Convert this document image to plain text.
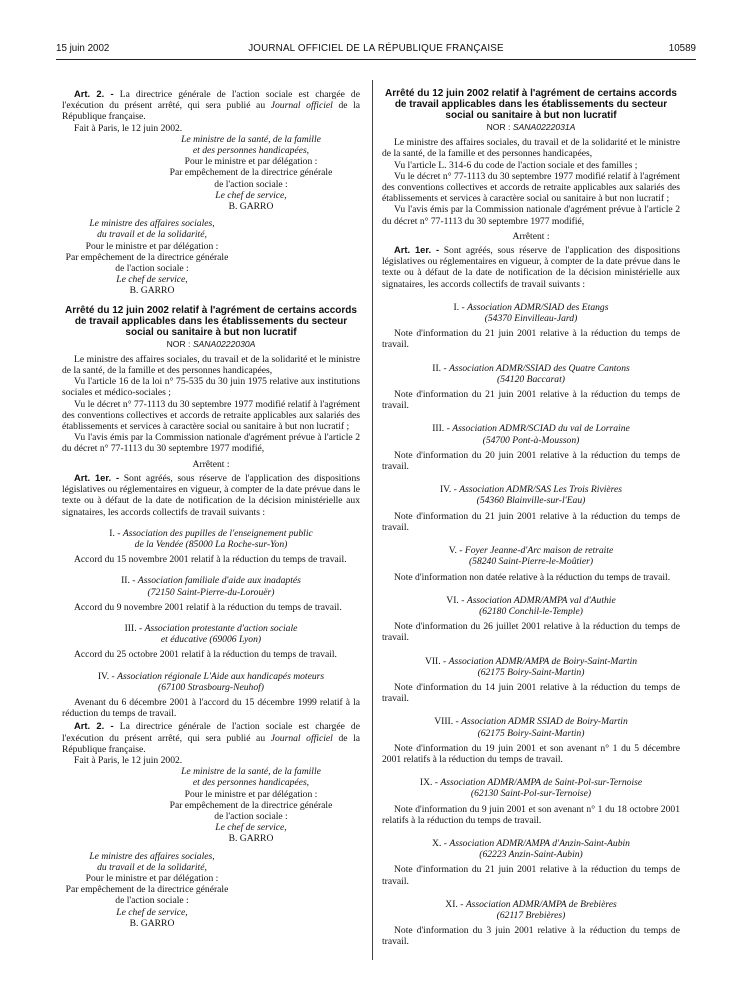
15 juin 2002	JOURNAL OFFICIEL DE LA RÉPUBLIQUE FRANÇAISE	10589

Art. 2. - La directrice générale de l'action sociale est chargée de l'exécution du présent arrêté, qui sera publié au Journal officiel de la République française.

Fait à Paris, le 12 juin 2002.

Le ministre de la santé, de la famille
et des personnes handicapées,
Pour le ministre et par délégation :
Par empêchement de la directrice générale
de l'action sociale :
Le chef de service,
B. GARRO
Le ministre des affaires sociales,
du travail et de la solidarité,
Pour le ministre et par délégation :
Par empêchement de la directrice générale
de l'action sociale :
Le chef de service,
B. GARRO

Arrêté du 12 juin 2002 relatif à l'agrément de certains accords de travail applicables dans les établissements du secteur social ou sanitaire à but non lucratif

NOR : SANA0222030A

Le ministre des affaires sociales, du travail et de la solidarité et le ministre de la santé, de la famille et des personnes handicapées,

Vu l'article 16 de la loi n° 75-535 du 30 juin 1975 relative aux institutions sociales et médico-sociales ;

Vu le décret n° 77-1113 du 30 septembre 1977 modifié relatif à l'agrément des conventions collectives et accords de retraite applicables aux salariés des établissements et services à caractère social ou sanitaire à but non lucratif ;

Vu l'avis émis par la Commission nationale d'agrément prévue à l'article 2 du décret n° 77-1113 du 30 septembre 1977 modifié,

Arrêtent :

Art. 1er. - Sont agréés, sous réserve de l'application des dispositions législatives ou réglementaires en vigueur, à compter de la date prévue dans le texte ou à défaut de la date de notification de la décision ministérielle aux signataires, les accords collectifs de travail suivants :

I. - Association des pupilles de l'enseignement public

de la Vendée (85000 La Roche-sur-Yon)

Accord du 15 novembre 2001 relatif à la réduction du temps de travail.

II. - Association familiale d'aide aux inadaptés

(72150 Saint-Pierre-du-Lorouër)

Accord du 9 novembre 2001 relatif à la réduction du temps de travail.

III. - Association protestante d'action sociale

et éducative (69006 Lyon)

Accord du 25 octobre 2001 relatif à la réduction du temps de travail.

IV. - Association régionale L'Aide aux handicapés moteurs

(67100 Strasbourg-Neuhof)

Avenant du 6 décembre 2001 à l'accord du 15 décembre 1999 relatif à la réduction du temps de travail.

Art. 2. - La directrice générale de l'action sociale est chargée de l'exécution du présent arrêté, qui sera publié au Journal officiel de la République française.

Fait à Paris, le 12 juin 2002.

Le ministre de la santé, de la famille
et des personnes handicapées,
Pour le ministre et par délégation :
Par empêchement de la directrice générale
de l'action sociale :
Le chef de service,
B. GARRO
Le ministre des affaires sociales,
du travail et de la solidarité,
Pour le ministre et par délégation :
Par empêchement de la directrice générale
de l'action sociale :
Le chef de service,
B. GARRO

Arrêté du 12 juin 2002 relatif à l'agrément de certains accords de travail applicables dans les établissements du secteur social ou sanitaire à but non lucratif

NOR : SANA0222031A

Le ministre des affaires sociales, du travail et de la solidarité et le ministre de la santé, de la famille et des personnes handicapées,

Vu l'article L. 314-6 du code de l'action sociale et des familles ;

Vu le décret n° 77-1113 du 30 septembre 1977 modifié relatif à l'agrément des conventions collectives et accords de retraite applicables aux salariés des établissements et services à caractère social ou sanitaire à but non lucratif ;

Vu l'avis émis par la Commission nationale d'agrément prévue à l'article 2 du décret n° 77-1113 du 30 septembre 1977 modifié,

Arrêtent :

Art. 1er. - Sont agréés, sous réserve de l'application des dispositions législatives ou réglementaires en vigueur, à compter de la date prévue dans le texte ou à défaut de la date de notification de la décision ministérielle aux signataires, les accords collectifs de travail suivants :

I. - Association ADMR/SIAD des Etangs

(54370 Einvilleau-Jard)

Note d'information du 21 juin 2001 relative à la réduction du temps de travail.

II. - Association ADMR/SSIAD des Quatre Cantons

(54120 Baccarat)

Note d'information du 21 juin 2001 relative à la réduction du temps de travail.

III. - Association ADMR/SCIAD du val de Lorraine

(54700 Pont-à-Mousson)

Note d'information du 20 juin 2001 relative à la réduction du temps de travail.

IV. - Association ADMR/SAS Les Trois Rivières

(54360 Blainville-sur-l'Eau)

Note d'information du 21 juin 2001 relative à la réduction du temps de travail.

V. - Foyer Jeanne-d'Arc maison de retraite

(58240 Saint-Pierre-le-Moûtier)

Note d'information non datée relative à la réduction du temps de travail.

VI. - Association ADMR/AMPA val d'Authie

(62180 Conchil-le-Temple)

Note d'information du 26 juillet 2001 relative à la réduction du temps de travail.

VII. - Association ADMR/AMPA de Boiry-Saint-Martin

(62175 Boiry-Saint-Martin)

Note d'information du 14 juin 2001 relative à la réduction du temps de travail.

VIII. - Association ADMR SSIAD de Boiry-Martin

(62175 Boiry-Saint-Martin)

Note d'information du 19 juin 2001 et son avenant n° 1 du 5 décembre 2001 relatifs à la réduction du temps de travail.

IX. - Association ADMR/AMPA de Saint-Pol-sur-Ternoise

(62130 Saint-Pol-sur-Ternoise)

Note d'information du 9 juin 2001 et son avenant n° 1 du 18 octobre 2001 relatifs à la réduction du temps de travail.

X. - Association ADMR/AMPA d'Anzin-Saint-Aubin

(62223 Anzin-Saint-Aubin)

Note d'information du 21 juin 2001 relative à la réduction du temps de travail.

XI. - Association ADMR/AMPA de Brebières

(62117 Brebières)

Note d'information du 3 juin 2001 relative à la réduction du temps de travail.
